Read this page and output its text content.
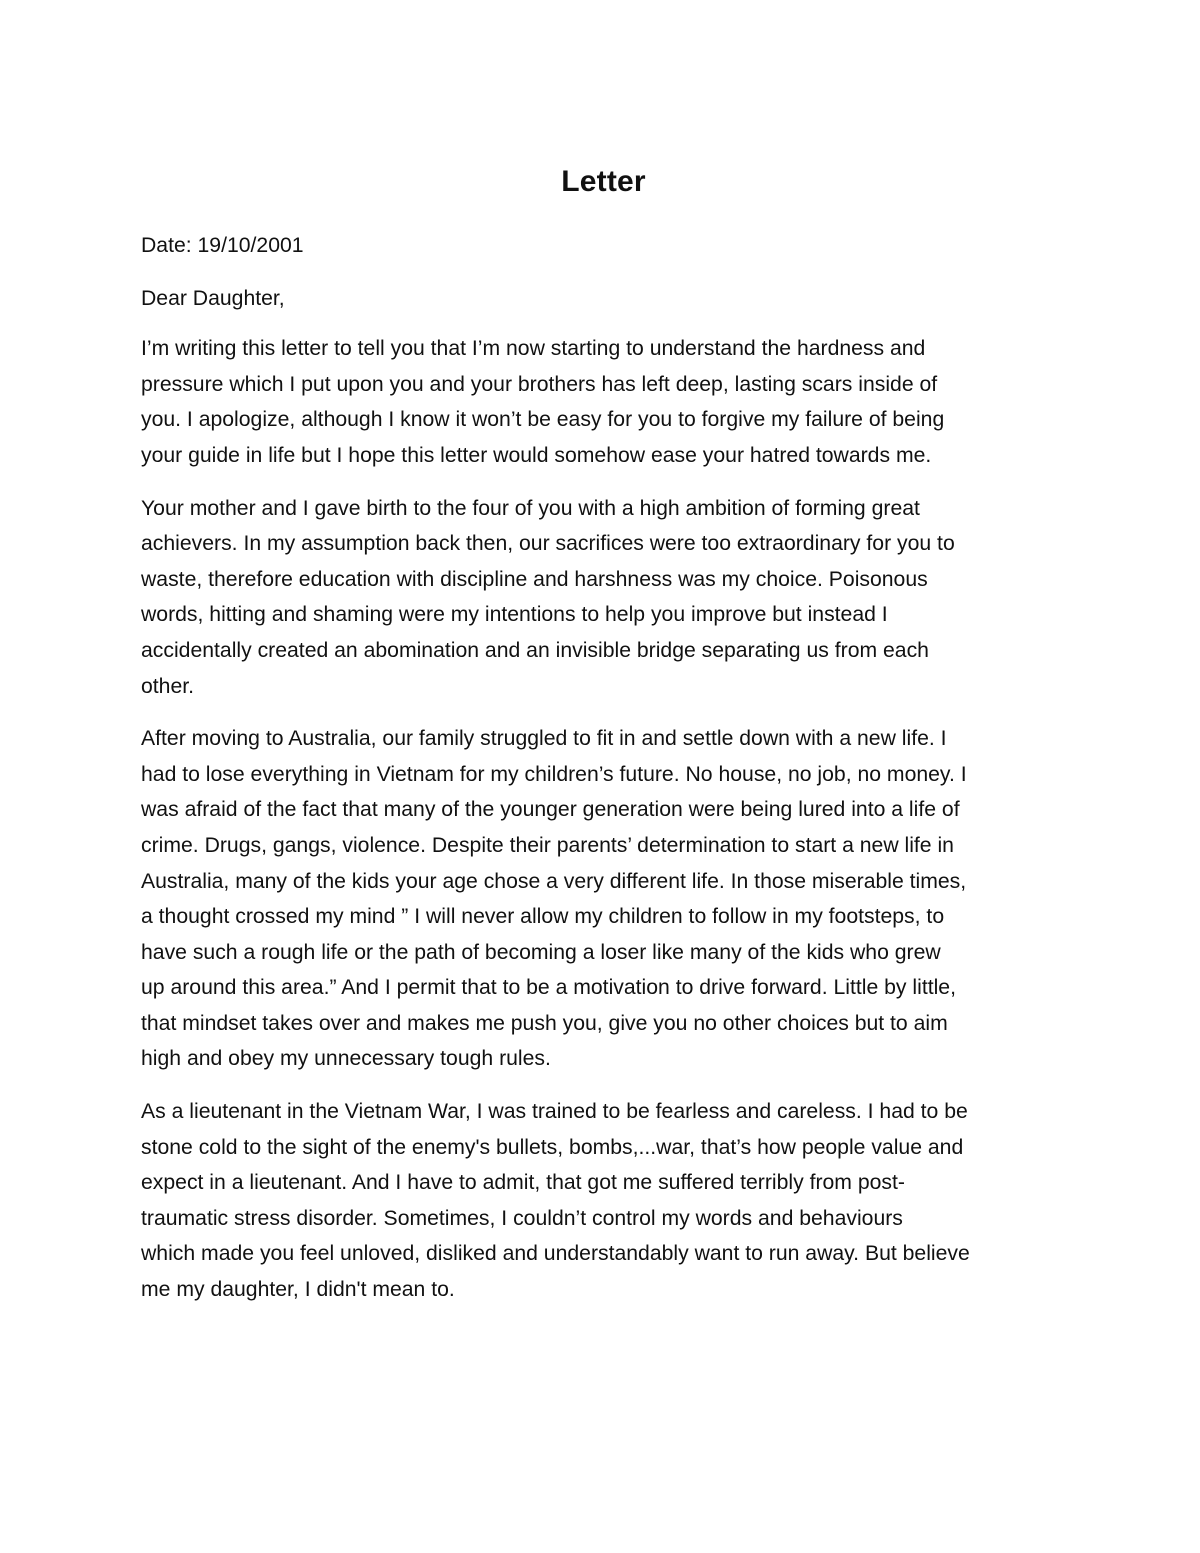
Letter

Date: 19/10/2001

Dear Daughter,

I’m writing this letter to tell you that I’m now starting to understand the hardness and
pressure which I put upon you and your brothers has left deep, lasting scars inside of
you. I apologize, although I know it won’t be easy for you to forgive my failure of being
your guide in life but I hope this letter would somehow ease your hatred towards me.

Your mother and I gave birth to the four of you with a high ambition of forming great
achievers. In my assumption back then, our sacrifices were too extraordinary for you to
waste, therefore education with discipline and harshness was my choice. Poisonous
words, hitting and shaming were my intentions to help you improve but instead I
accidentally created an abomination and an invisible bridge separating us from each
other.

After moving to Australia, our family struggled to fit in and settle down with a new life. I
had to lose everything in Vietnam for my children’s future. No house, no job, no money. I
was afraid of the fact that many of the younger generation were being lured into a life of
crime. Drugs, gangs, violence. Despite their parents’ determination to start a new life in
Australia, many of the kids your age chose a very different life. In those miserable times,
a thought crossed my mind ” I will never allow my children to follow in my footsteps, to
have such a rough life or the path of becoming a loser like many of the kids who grew
up around this area.” And I permit that to be a motivation to drive forward. Little by little,
that mindset takes over and makes me push you, give you no other choices but to aim
high and obey my unnecessary tough rules.

As a lieutenant in the Vietnam War, I was trained to be fearless and careless. I had to be
stone cold to the sight of the enemy's bullets, bombs,...war, that’s how people value and
expect in a lieutenant. And I have to admit, that got me suffered terribly from post-
traumatic stress disorder. Sometimes, I couldn’t control my words and behaviours
which made you feel unloved, disliked and understandably want to run away. But believe
me my daughter, I didn't mean to.
